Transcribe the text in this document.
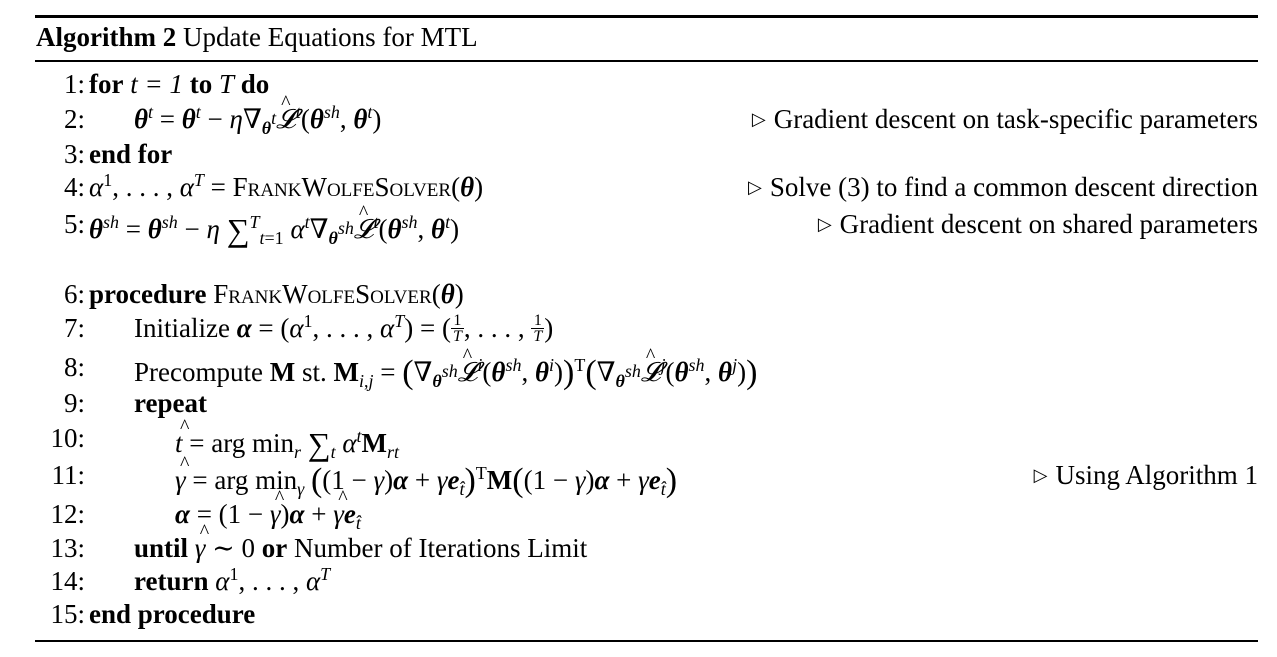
Algorithm 2 Update Equations for MTL
1: for t = 1 to T do
2: $\theta^t = \theta^t$ − $\eta\nabla_{\theta^t}\^{}$ $𝓛^t(\theta^{sh}$, $\theta^t$)	▷ Gradient descent on task-specific parameters
3: end for
4: $\alpha^1$, . . . , $\alpha^T$ = FrankWolfeSolver(θ)	▷ Solve (3) to find a common descent direction
5: $\theta^{sh} = \theta^{sh} - \eta$ ∑$^T_{t=1}$ $\alpha^t\nabla_{\theta^{sh}}\^{}$ $𝓛^t(\theta^{sh}$, $\theta^t$)	▷ Gradient descent on shared parameters
6: procedure FrankWolfeSolver(θ)
7: Initialize $\alpha = (\alpha^1$, . . . , $\alpha^T$) = ( $\frac{1}{T}$ , . . . , $\frac{1}{T}$ )
8: Precompute M st. $M_{i,j}$ = ($\nabla_{\theta^{sh}}\^{}$ $𝓛^i(\theta^{sh}$, $\theta^i))^T(\nabla_{\theta^{sh}}\^{}$ $𝓛^j(\theta^{sh}$, $\theta^j$))
9: repeat
10:	^ t = arg $\min_r \sum_t$ $\alpha^tM_{rt}$
11:	^ γ = arg $\min_\gamma ((1 - \gamma)\alpha + \gamma e_{t̂})^TM((1 - \gamma)\alpha + \gamma e_{t̂})$	▷ Using Algorithm 1
12:	α = (1 − ^ γ)α + ^ $\gamma e_{t̂}$
13: until ^ γ ∼ 0 or Number of Iterations Limit
14: return $\alpha^1$, . . . , $\alpha^T$
15: end procedure
